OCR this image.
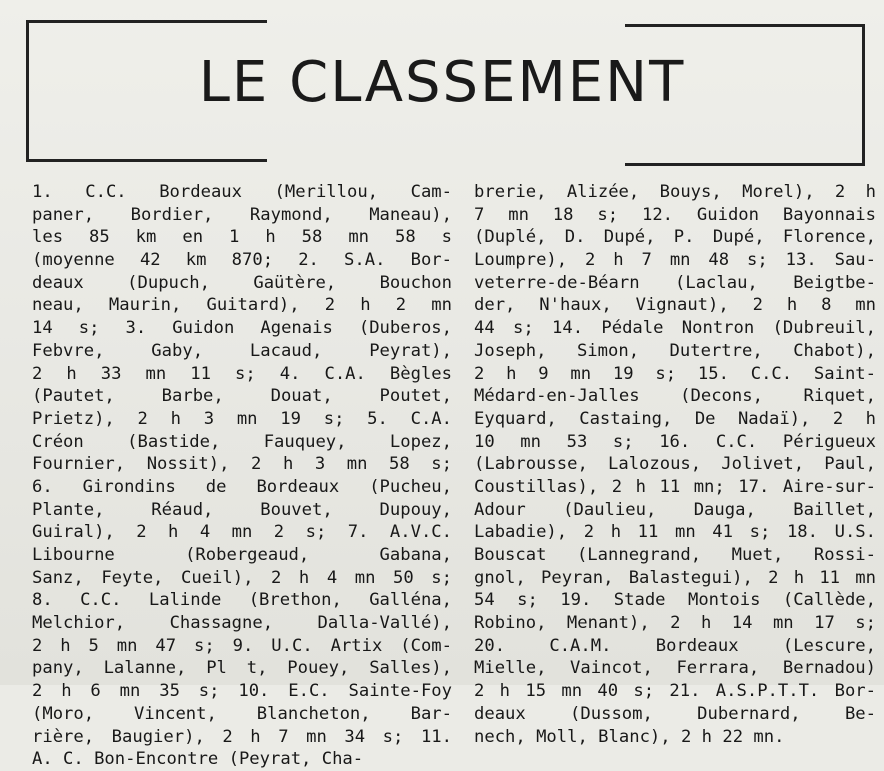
LE CLASSEMENT
1. C.C. Bordeaux (Merillou, Cam-
paner, Bordier, Raymond, Maneau),
les 85 km en 1 h 58 mn 58 s
(moyenne 42 km 870; 2. S.A. Bor-
deaux (Dupuch, Gaütère, Bouchon
neau, Maurin, Guitard), 2 h 2 mn
14 s; 3. Guidon Agenais (Duberos,
Febvre, Gaby, Lacaud, Peyrat),
2 h 33 mn 11 s; 4. C.A. Bègles
(Pautet, Barbe, Douat, Poutet,
Prietz), 2 h 3 mn 19 s; 5. C.A.
Créon (Bastide, Fauquey, Lopez,
Fournier, Nossit), 2 h 3 mn 58 s;
6. Girondins de Bordeaux (Pucheu,
Plante, Réaud, Bouvet, Dupouy,
Guiral), 2 h 4 mn 2 s; 7. A.V.C.
Libourne (Robergeaud, Gabana,
Sanz, Feyte, Cueil), 2 h 4 mn 50 s;
8. C.C. Lalinde (Brethon, Galléna,
Melchior, Chassagne, Dalla-Vallé),
2 h 5 mn 47 s; 9. U.C. Artix (Com-
pany, Lalanne, Pl t, Pouey, Salles),
2 h 6 mn 35 s; 10. E.C. Sainte-Foy
(Moro, Vincent, Blancheton, Bar-
rière, Baugier), 2 h 7 mn 34 s; 11.
A. C. Bon-Encontre (Peyrat, Cha-
brerie, Alizée, Bouys, Morel), 2 h
7 mn 18 s; 12. Guidon Bayonnais
(Duplé, D. Dupé, P. Dupé, Florence,
Loumpre), 2 h 7 mn 48 s; 13. Sau-
veterre-de-Béarn (Laclau, Beigtbe-
der, N'haux, Vignaut), 2 h 8 mn
44 s; 14. Pédale Nontron (Dubreuil,
Joseph, Simon, Dutertre, Chabot),
2 h 9 mn 19 s; 15. C.C. Saint-
Médard-en-Jalles (Decons, Riquet,
Eyquard, Castaing, De Nadaï), 2 h
10 mn 53 s; 16. C.C. Périgueux
(Labrousse, Lalozous, Jolivet, Paul,
Coustillas), 2 h 11 mn; 17. Aire-sur-
Adour (Daulieu, Dauga, Baillet,
Labadie), 2 h 11 mn 41 s; 18. U.S.
Bouscat (Lannegrand, Muet, Rossi-
gnol, Peyran, Balastegui), 2 h 11 mn
54 s; 19. Stade Montois (Callède,
Robino, Menant), 2 h 14 mn 17 s;
20. C.A.M. Bordeaux (Lescure,
Mielle, Vaincot, Ferrara, Bernadou)
2 h 15 mn 40 s; 21. A.S.P.T.T. Bor-
deaux (Dussom, Dubernard, Be-
nech, Moll, Blanc), 2 h 22 mn.
